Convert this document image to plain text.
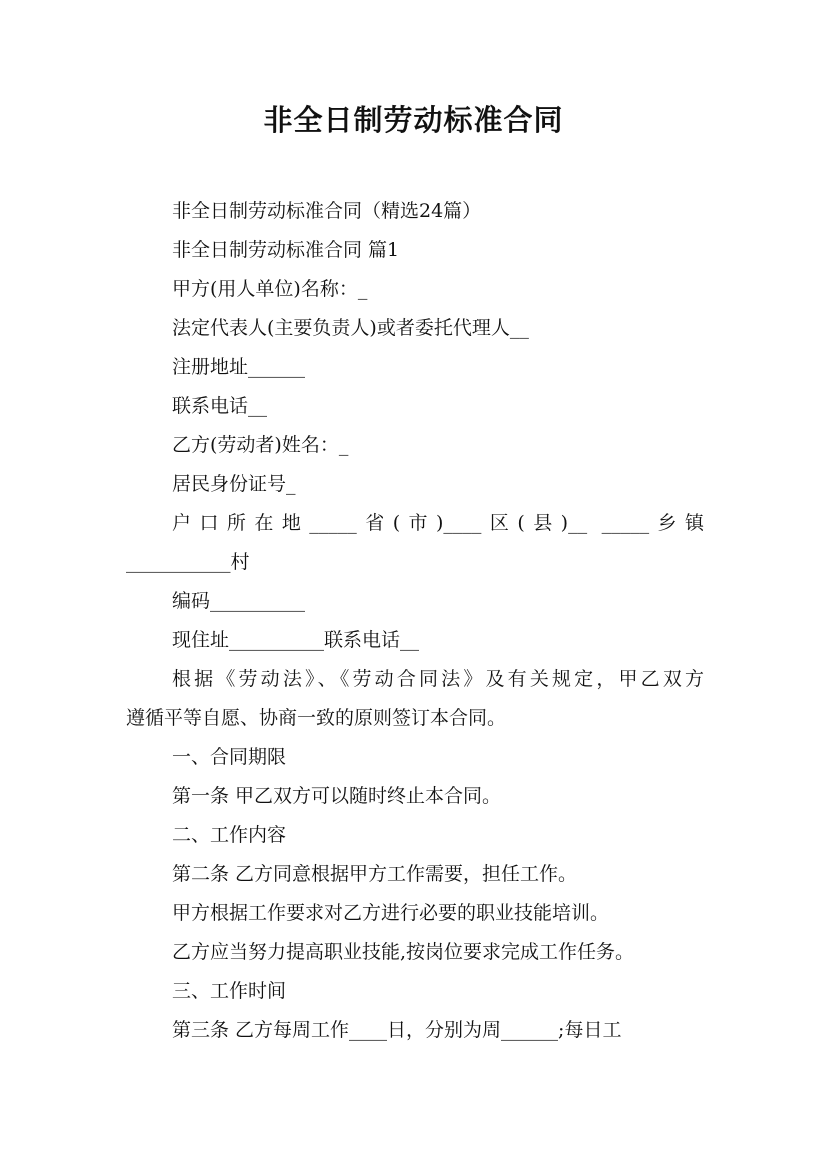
非全日制劳动标准合同
非全日制劳动标准合同（精选24篇）
非全日制劳动标准合同 篇1
甲方(用人单位)名称：_
法定代表人(主要负责人)或者委托代理人__
注册地址______
联系电话__
乙方(劳动者)姓名：_
居民身份证号_
户口所在地_____省(市)____区(县)__ _____乡镇
___________村
编码__________
现住址__________联系电话__
根据《劳动法》、《劳动合同法》及有关规定，甲乙双方
遵循平等自愿、协商一致的原则签订本合同。
一、合同期限
第一条 甲乙双方可以随时终止本合同。
二、工作内容
第二条 乙方同意根据甲方工作需要，担任工作。
甲方根据工作要求对乙方进行必要的职业技能培训。
乙方应当努力提高职业技能,按岗位要求完成工作任务。
三、工作时间
第三条 乙方每周工作____日，分别为周______;每日工
